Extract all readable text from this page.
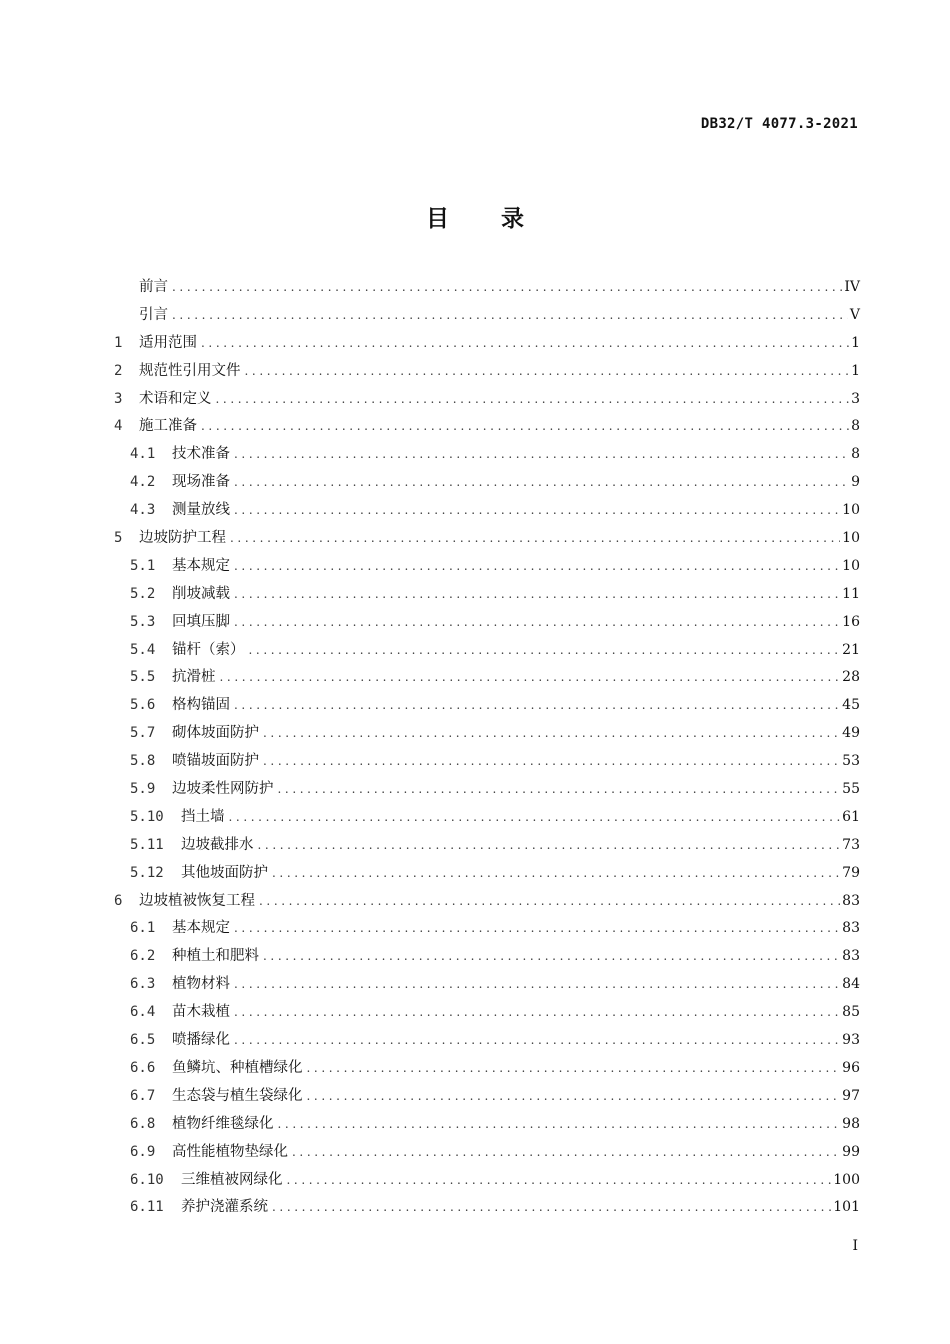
DB32/T 4077.3-2021
目录
前言 .....	IV
引言 .....	V
1	适用范围 .....	1
2	规范性引用文件 .....	1
3	术语和定义 .....	3
4	施工准备 .....	8
4.1	技术准备 .....	8
4.2	现场准备 .....	9
4.3	测量放线 .....	10
5	边坡防护工程 .....	10
5.1	基本规定 .....	10
5.2	削坡减载 .....	11
5.3	回填压脚 .....	16
5.4	锚杆（索） .....	21
5.5	抗滑桩 .....	28
5.6	格构锚固 .....	45
5.7	砌体坡面防护 .....	49
5.8	喷锚坡面防护 .....	53
5.9	边坡柔性网防护 .....	55
5.10	挡土墙 .....	61
5.11	边坡截排水 .....	73
5.12	其他坡面防护 .....	79
6	边坡植被恢复工程 .....	83
6.1	基本规定 .....	83
6.2	种植土和肥料 .....	83
6.3	植物材料 .....	84
6.4	苗木栽植 .....	85
6.5	喷播绿化 .....	93
6.6	鱼鳞坑、种植槽绿化 .....	96
6.7	生态袋与植生袋绿化 .....	97
6.8	植物纤维毯绿化 .....	98
6.9	高性能植物垫绿化 .....	99
6.10	三维植被网绿化 .....	100
6.11	养护浇灌系统 .....	101
I
